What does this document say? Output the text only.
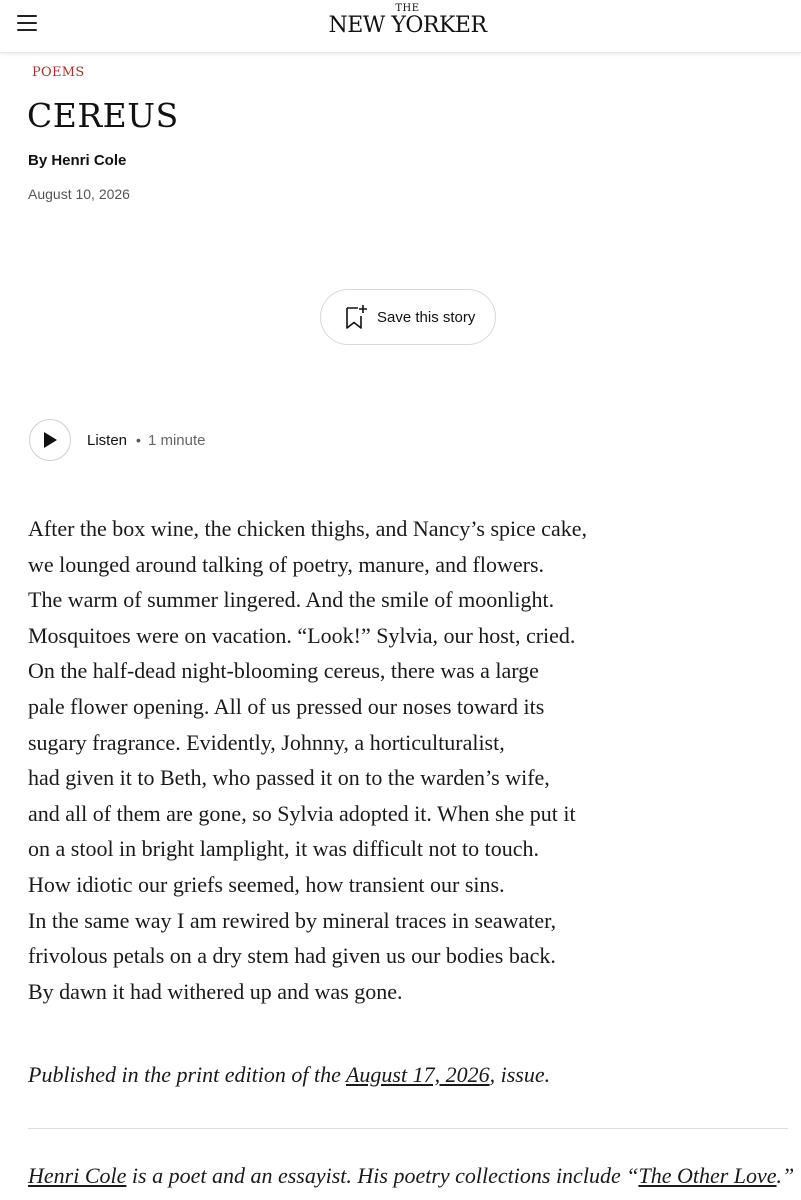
THE
NEW YORKER
POEMS
CEREUS
By Henri Cole
August 10, 2026
Save this story
Listen • 1 minute
After the box wine, the chicken thighs, and Nancy’s spice cake,
we lounged around talking of poetry, manure, and flowers.
The warm of summer lingered. And the smile of moonlight.
Mosquitoes were on vacation. “Look!” Sylvia, our host, cried.
On the half-dead night-blooming cereus, there was a large
pale flower opening. All of us pressed our noses toward its
sugary fragrance. Evidently, Johnny, a horticulturalist,
had given it to Beth, who passed it on to the warden’s wife,
and all of them are gone, so Sylvia adopted it. When she put it
on a stool in bright lamplight, it was difficult not to touch.
How idiotic our griefs seemed, how transient our sins.
In the same way I am rewired by mineral traces in seawater,
frivolous petals on a dry stem had given us our bodies back.
By dawn it had withered up and was gone.
Published in the print edition of the August 17, 2026, issue.
Henri Cole is a poet and an essayist. His poetry collections include “The Other Love.”
